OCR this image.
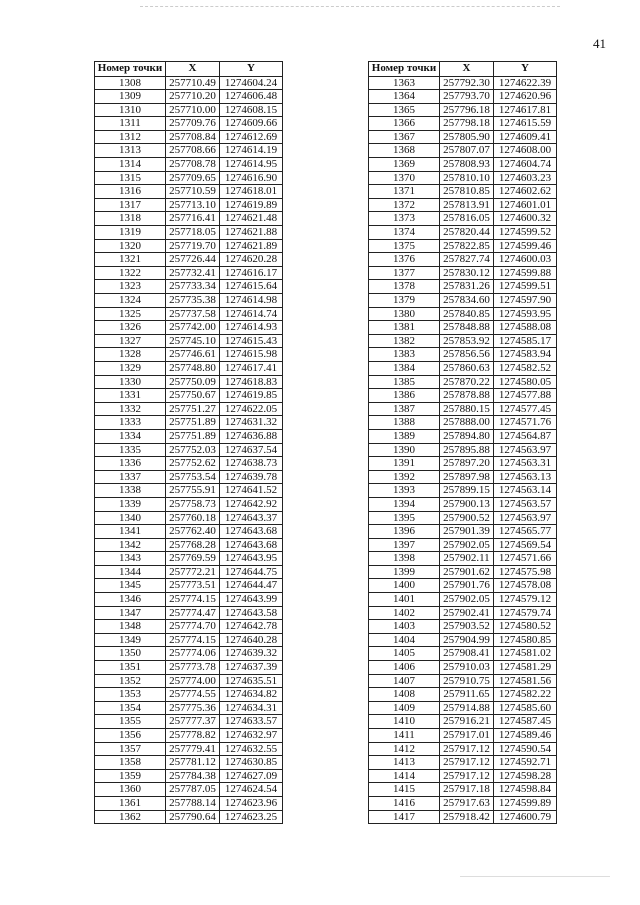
41
Номер точки	X	Y
1308	257710.49	1274604.24
1309	257710.20	1274606.48
1310	257710.00	1274608.15
1311	257709.76	1274609.66
1312	257708.84	1274612.69
1313	257708.66	1274614.19
1314	257708.78	1274614.95
1315	257709.65	1274616.90
1316	257710.59	1274618.01
1317	257713.10	1274619.89
1318	257716.41	1274621.48
1319	257718.05	1274621.88
1320	257719.70	1274621.89
1321	257726.44	1274620.28
1322	257732.41	1274616.17
1323	257733.34	1274615.64
1324	257735.38	1274614.98
1325	257737.58	1274614.74
1326	257742.00	1274614.93
1327	257745.10	1274615.43
1328	257746.61	1274615.98
1329	257748.80	1274617.41
1330	257750.09	1274618.83
1331	257750.67	1274619.85
1332	257751.27	1274622.05
1333	257751.89	1274631.32
1334	257751.89	1274636.88
1335	257752.03	1274637.54
1336	257752.62	1274638.73
1337	257753.54	1274639.78
1338	257755.91	1274641.52
1339	257758.73	1274642.92
1340	257760.18	1274643.37
1341	257762.40	1274643.68
1342	257768.28	1274643.68
1343	257769.59	1274643.95
1344	257772.21	1274644.75
1345	257773.51	1274644.47
1346	257774.15	1274643.99
1347	257774.47	1274643.58
1348	257774.70	1274642.78
1349	257774.15	1274640.28
1350	257774.06	1274639.32
1351	257773.78	1274637.39
1352	257774.00	1274635.51
1353	257774.55	1274634.82
1354	257775.36	1274634.31
1355	257777.37	1274633.57
1356	257778.82	1274632.97
1357	257779.41	1274632.55
1358	257781.12	1274630.85
1359	257784.38	1274627.09
1360	257787.05	1274624.54
1361	257788.14	1274623.96
1362	257790.64	1274623.25
Номер точки	X	Y
1363	257792.30	1274622.39
1364	257793.70	1274620.96
1365	257796.18	1274617.81
1366	257798.18	1274615.59
1367	257805.90	1274609.41
1368	257807.07	1274608.00
1369	257808.93	1274604.74
1370	257810.10	1274603.23
1371	257810.85	1274602.62
1372	257813.91	1274601.01
1373	257816.05	1274600.32
1374	257820.44	1274599.52
1375	257822.85	1274599.46
1376	257827.74	1274600.03
1377	257830.12	1274599.88
1378	257831.26	1274599.51
1379	257834.60	1274597.90
1380	257840.85	1274593.95
1381	257848.88	1274588.08
1382	257853.92	1274585.17
1383	257856.56	1274583.94
1384	257860.63	1274582.52
1385	257870.22	1274580.05
1386	257878.88	1274577.88
1387	257880.15	1274577.45
1388	257888.00	1274571.76
1389	257894.80	1274564.87
1390	257895.88	1274563.97
1391	257897.20	1274563.31
1392	257897.98	1274563.13
1393	257899.15	1274563.14
1394	257900.13	1274563.57
1395	257900.52	1274563.97
1396	257901.39	1274565.77
1397	257902.05	1274569.54
1398	257902.11	1274571.66
1399	257901.62	1274575.98
1400	257901.76	1274578.08
1401	257902.05	1274579.12
1402	257902.41	1274579.74
1403	257903.52	1274580.52
1404	257904.99	1274580.85
1405	257908.41	1274581.02
1406	257910.03	1274581.29
1407	257910.75	1274581.56
1408	257911.65	1274582.22
1409	257914.88	1274585.60
1410	257916.21	1274587.45
1411	257917.01	1274589.46
1412	257917.12	1274590.54
1413	257917.12	1274592.71
1414	257917.12	1274598.28
1415	257917.18	1274598.84
1416	257917.63	1274599.89
1417	257918.42	1274600.79
